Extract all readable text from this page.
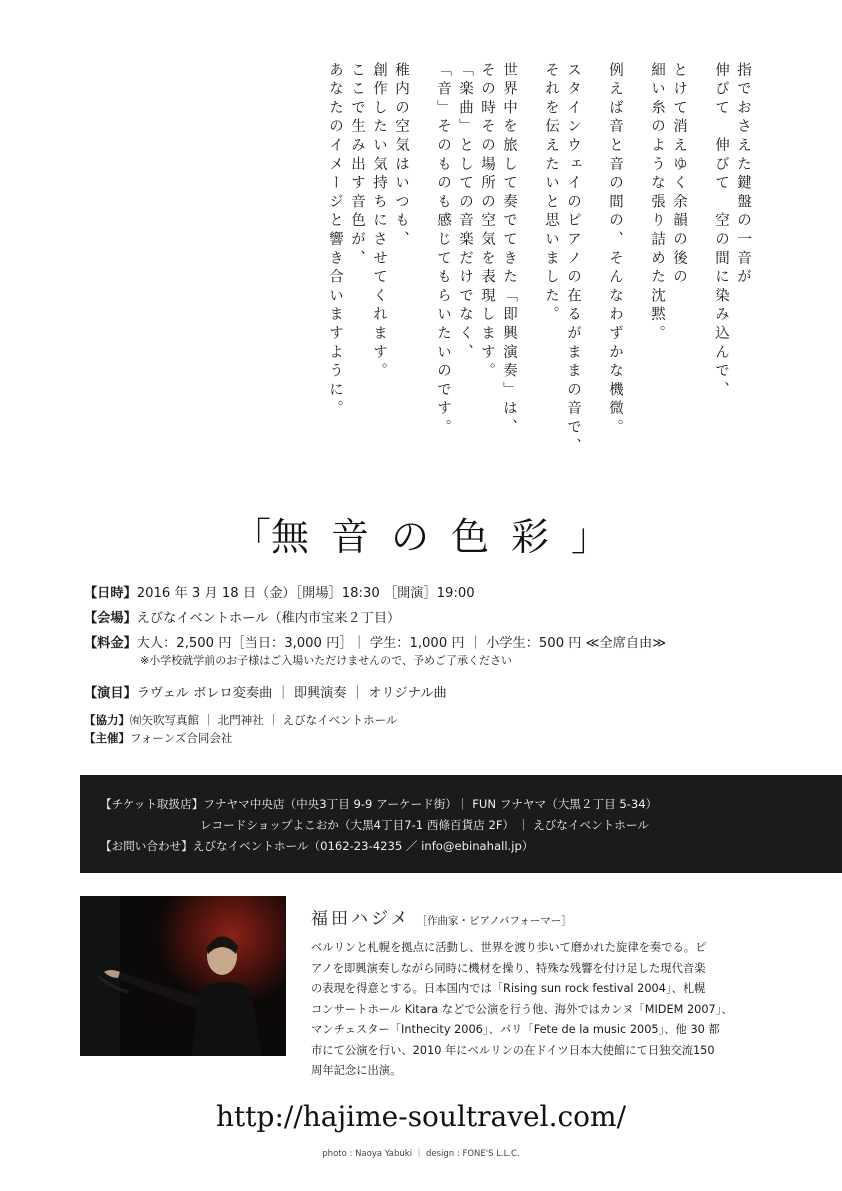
指でおさえた鍵盤の一音が
伸びて　伸びて　空の間に染み込んで、
とけて消えゆく余韻の後の
細い糸のような張り詰めた沈黙。
例えば音と音の間の、そんなわずかな機微。
スタインウェイのピアノの在るがままの音で、
それを伝えたいと思いました。
世界中を旅して奏でてきた「即興演奏」は、
その時その場所の空気を表現します。
「楽曲」としての音楽だけでなく、
「音」そのものも感じてもらいたいのです。
稚内の空気はいつも、
創作したい気持ちにさせてくれます。
ここで生み出す音色が、
あなたのイメージと響き合いますように。
「無音の色彩」
【日時】 2016 年 3 月 18 日（金）［開場］18:30 ［開演］19:00
【会場】 えびなイベントホール（稚内市宝来２丁目）
【料金】 大人：2,500 円［当日：3,000 円］｜ 学生：1,000 円 ｜ 小学生：500 円 ≪全席自由≫
※小学校就学前のお子様はご入場いただけませんので、予めご了承ください
【演目】 ラヴェル ボレロ変奏曲 ｜ 即興演奏 ｜ オリジナル曲
【協力】 ㈲矢吹写真館 ｜ 北門神社 ｜ えびなイベントホール
【主催】 フォーンズ合同会社
【チケット取扱店】フナヤマ中央店（中央3丁目 9-9 アーケード街）｜ FUN フナヤマ（大黒２丁目 5-34）
レコードショップよこおか（大黒4丁目7-1 西條百貨店 2F） ｜ えびなイベントホール
【お問い合わせ】えびなイベントホール（0162-23-4235 ／ info@ebinahall.jp）
福田ハジメ ［作曲家・ピアノパフォーマー］
ベルリンと札幌を拠点に活動し、世界を渡り歩いて磨かれた旋律を奏でる。ピ
アノを即興演奏しながら同時に機材を操り、特殊な残響を付け足した現代音楽
の表現を得意とする。日本国内では「Rising sun rock festival 2004」、札幌
コンサートホール Kitara などで公演を行う他、海外ではカンヌ「MIDEM 2007」、
マンチェスター「Inthecity 2006」、パリ「Fete de la music 2005」、他 30 都
市にて公演を行い、2010 年にベルリンの在ドイツ日本大使館にて日独交流150
周年記念に出演。
http://hajime-soultravel.com/
photo : Naoya Yabuki ｜ design : FONE'S L.L.C.
